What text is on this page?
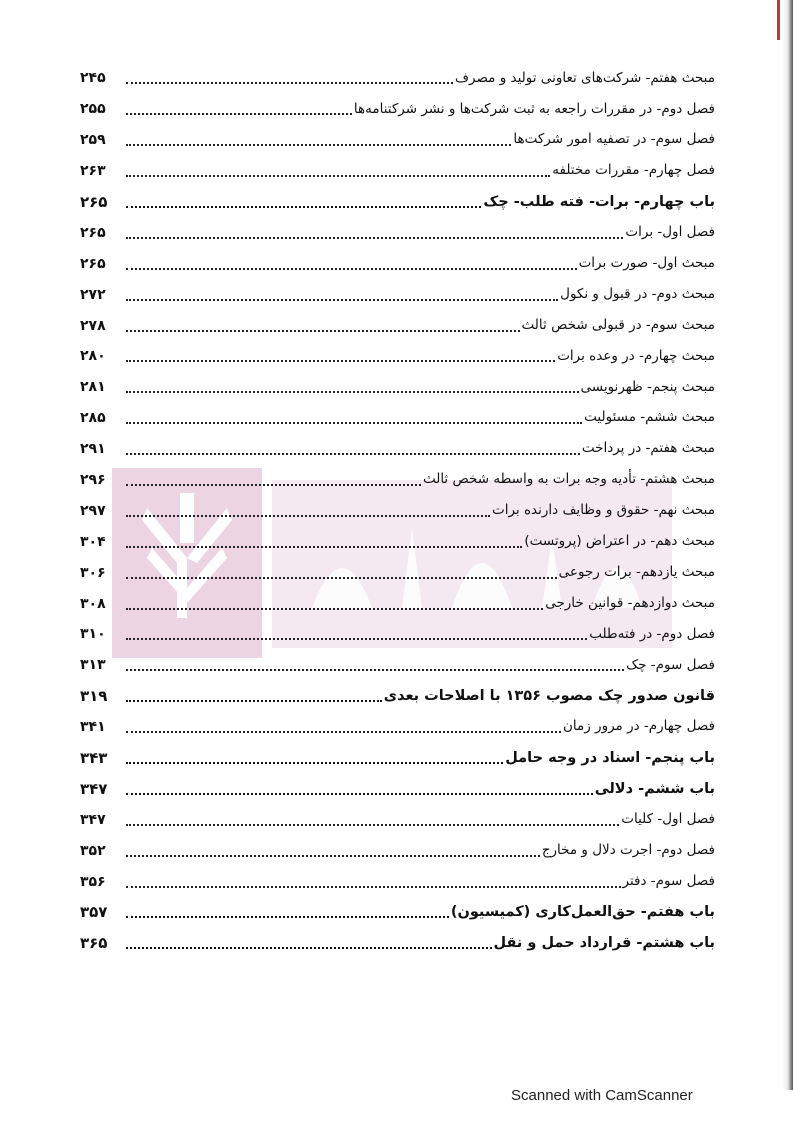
مبحث هفتم- شرکت‌های تعاونی تولید و مصرف
۲۴۵
فصل دوم- در مقررات راجعه به ثبت شرکت‌ها و نشر شرکتنامه‌ها
۲۵۵
فصل سوم- در تصفیه امور شرکت‌ها
۲۵۹
فصل چهارم- مقررات مختلفه
۲۶۳
باب چهارم- برات- فته طلب- چک
۲۶۵
فصل اول- برات
۲۶۵
مبحث اول- صورت برات
۲۶۵
مبحث دوم- در قبول و نکول
۲۷۲
مبحث سوم- در قبولی شخص ثالث
۲۷۸
مبحث چهارم- در وعده برات
۲۸۰
مبحث پنجم- ظهرنویسی
۲۸۱
مبحث ششم- مسئولیت
۲۸۵
مبحث هفتم- در پرداخت
۲۹۱
مبحث هشتم- تأدیه وجه برات به واسطه شخص ثالث
۲۹۶
مبحث نهم- حقوق و وظایف دارنده برات
۲۹۷
مبحث دهم- در اعتراض (پروتست)
۳۰۴
مبحث یازدهم- برات رجوعی
۳۰۶
مبحث دوازدهم- قوانین خارجی
۳۰۸
فصل دوم- در فته‌طلب
۳۱۰
فصل سوم- چک
۳۱۳
قانون صدور چک مصوب ۱۳۵۶ با اصلاحات بعدی
۳۱۹
فصل چهارم- در مرور زمان
۳۴۱
باب پنجم- اسناد در وجه حامل
۳۴۳
باب ششم- دلالی
۳۴۷
فصل اول- کلیات
۳۴۷
فصل دوم- اجرت دلال و مخارج
۳۵۲
فصل سوم- دفتر
۳۵۶
باب هفتم- حق‌العمل‌کاری (کمیسیون)
۳۵۷
باب هشتم- قرارداد حمل و نقل
۳۶۵
Scanned with CamScanner
